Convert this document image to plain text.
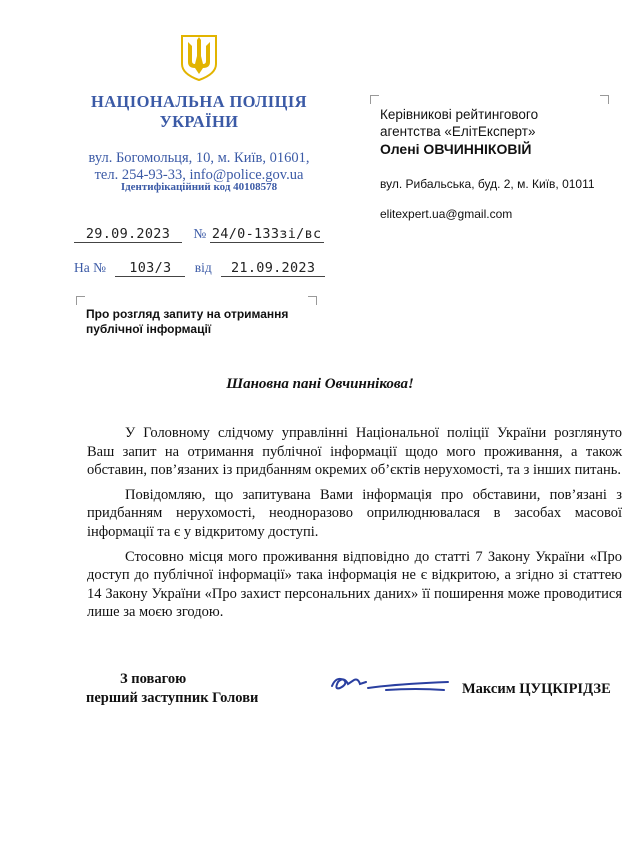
НАЦІОНАЛЬНА ПОЛІЦІЯ
УКРАЇНИ
вул. Богомольця, 10, м. Київ, 01601,
тел. 254-93-33, info@police.gov.ua
Ідентифікаційний код 40108578
Керівникові рейтингового
агентства «ЕлітЕксперт»
Олені ОВЧИННІКОВІЙ
вул. Рибальська, буд. 2, м. Київ, 01011
elitexpert.ua@gmail.com
29.09.2023 № 24/0-133зі/вс
На № 103/3 від 21.09.2023
Про розгляд запиту на отримання
публічної інформації
Шановна пані Овчиннікова!

У Головному слідчому управлінні Національної поліції України розглянуто Ваш запит на отримання публічної інформації щодо мого проживання, а також обставин, пов’язаних із придбанням окремих об’єктів нерухомості, та з інших питань.

Повідомляю, що запитувана Вами інформація про обставини, пов’язані з придбанням нерухомості, неодноразово оприлюднювалася в засобах масової інформації та є у відкритому доступі.

Стосовно місця мого проживання відповідно до статті 7 Закону України «Про доступ до публічної інформації» така інформація не є відкритою, а згідно зі статтею 14 Закону України «Про захист персональних даних» її поширення може проводитися лише за моєю згодою.

З повагою
перший заступник Голови
Максим ЦУЦКІРІДЗЕ
